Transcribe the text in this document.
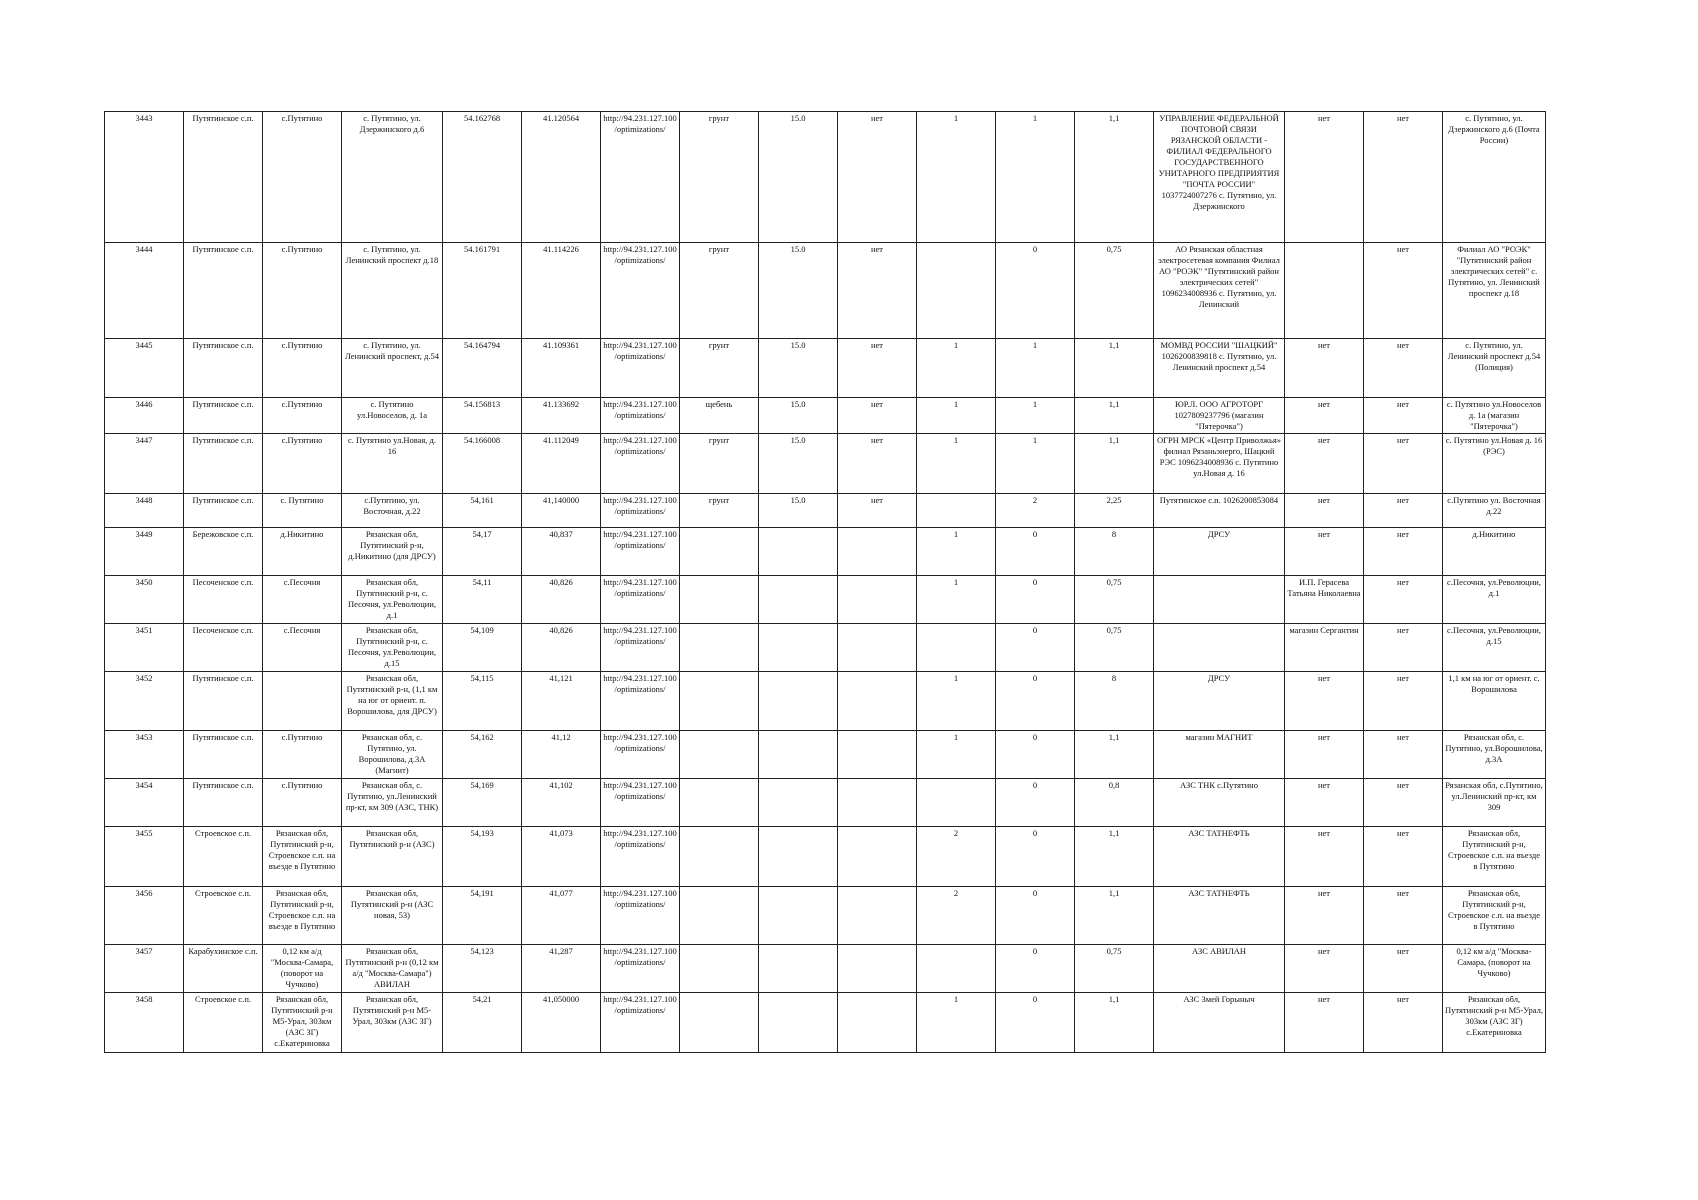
3443	Путятинское с.п.	с.Путятино	с. Путятино, ул. Дзержинского д.6	54.162768	41.120564	http://94.231.127.100/optimizations/	грунт	15.0	нет	1	1	1,1	УПРАВЛЕНИЕ ФЕДЕРАЛЬНОЙ ПОЧТОВОЙ СВЯЗИ РЯЗАНСКОЙ ОБЛАСТИ - ФИЛИАЛ ФЕДЕРАЛЬНОГО ГОСУДАРСТВЕННОГО УНИТАРНОГО ПРЕДПРИЯТИЯ "ПОЧТА РОССИИ" 1037724007276 с. Путятино, ул. Дзержинского	нет	нет	с. Путятино, ул. Дзержинского д.6 (Почта России)
3444	Путятинское с.п.	с.Путятино	с. Путятино, ул. Ленинский проспект д.18	54.161791	41.114226	http://94.231.127.100/optimizations/	грунт	15.0	нет		0	0,75	АО Рязанская областная электросетевая компания Филиал АО "РОЭК" "Путятинский район электрических сетей" 1096234008936 с. Путятино, ул. Ленинский		нет	Филиал АО "РОЭК" "Путятинский район электрических сетей" с. Путятино, ул. Ленинский проспект д.18
3445	Путятинское с.п.	с.Путятино	с. Путятино, ул. Ленинский проспект, д.54	54.164794	41.109361	http://94.231.127.100/optimizations/	грунт	15.0	нет	1	1	1,1	МОМВД РОССИИ "ШАЦКИЙ" 1026200839818 с. Путятино, ул. Ленинский проспект д.54	нет	нет	с. Путятино, ул. Ленинский проспект д.54 (Полиция)
3446	Путятинское с.п.	с.Путятино	с. Путятино ул.Новоселов, д. 1а	54.156813	41.133692	http://94.231.127.100/optimizations/	щебень	15.0	нет	1	1	1,1	ЮР.Л. ООО АГРОТОРГ 1027809237796 (магазин "Пятерочка")	нет	нет	с. Путятино ул.Новоселов д. 1а (магазин "Пятерочка")
3447	Путятинское с.п.	с.Путятино	с. Путятино ул.Новая, д. 16	54.166008	41.112049	http://94.231.127.100/optimizations/	грунт	15.0	нет	1	1	1,1	ОГРН МРСК «Центр Приволжья» филиал Рязаньэнерго, Шацкий РЭС 1096234008936 с. Путятино ул.Новая д. 16	нет	нет	с. Путятино ул.Новая д. 16 (РЭС)
3448	Путятинское с.п.	с. Путятино	с.Путятино, ул. Восточная, д.22	54,161	41,140000	http://94.231.127.100/optimizations/	грунт	15.0	нет		2	2,25	Путятинское с.п. 1026200853084	нет	нет	с.Путятино ул. Восточная д.22
3449	Бережовское с.п.	д.Никитино	Рязанская обл, Путятинский р-н, д.Никитино (для ДРСУ)	54,17	40,837	http://94.231.127.100/optimizations/				1	0	8	ДРСУ	нет	нет	д.Никитино
3450	Песоченское с.п.	с.Песочня	Рязанская обл, Путятинский р-н, с. Песочня, ул.Революции, д.1	54,11	40,826	http://94.231.127.100/optimizations/				1	0	0,75		И.П. Герасева Татьяна Николаевна	нет	с.Песочня, ул.Революции, д.1
3451	Песоченское с.п.	с.Песочня	Рязанская обл, Путятинский р-н, с. Песочня, ул.Революции, д.15	54,109	40,826	http://94.231.127.100/optimizations/					0	0,75		магазин Сергантин	нет	с.Песочня, ул.Революции, д.15
3452	Путятинское с.п.		Рязанская обл, Путятинский р-н, (1,1 км на юг от ориент. п. Ворошилова, для ДРСУ)	54,115	41,121	http://94.231.127.100/optimizations/				1	0	8	ДРСУ	нет	нет	1,1 км на юг от ориент. с. Ворошилова
3453	Путятинское с.п.	с.Путятино	Рязанская обл, с. Путятино, ул. Ворошилова, д.3А (Магнит)	54,162	41,12	http://94.231.127.100/optimizations/				1	0	1,1	магазин МАГНИТ	нет	нет	Рязанская обл, с. Путятино, ул.Ворошилова, д.3А
3454	Путятинское с.п.	с.Путятино	Рязанская обл, с. Путятино, ул.Ленинский пр-кт, км 309 (АЗС, ТНК)	54,169	41,102	http://94.231.127.100/optimizations/					0	0,8	АЗС ТНК с.Путятино	нет	нет	Рязанская обл, с.Путятино, ул.Ленинский пр-кт, км 309
3455	Строевское с.п.	Рязанская обл, Путятинский р-н, Строевское с.п. на въезде в Путятино	Рязанская обл, Путятинский р-н (АЗС)	54,193	41,073	http://94.231.127.100/optimizations/				2	0	1,1	АЗС ТАТНЕФТЬ	нет	нет	Рязанская обл, Путятинский р-н, Строевское с.п. на въезде в Путятино
3456	Строевское с.п.	Рязанская обл, Путятинский р-н, Строевское с.п. на въезде в Путятино	Рязанская обл, Путятинский р-н (АЗС новая, 53)	54,191	41,077	http://94.231.127.100/optimizations/				2	0	1,1	АЗС ТАТНЕФТЬ	нет	нет	Рязанская обл, Путятинский р-н, Строевское с.п. на въезде в Путятино
3457	Карабухинское с.п.	0,12 км а/д "Москва-Самара, (поворот на Чучково)	Рязанская обл, Путятинский р-н (0,12 км а/д "Москва-Самара") АВИЛАН	54,123	41,287	http://94.231.127.100/optimizations/					0	0,75	АЗС АВИЛАН	нет	нет	0,12 км а/д "Москва-Самара, (поворот на Чучково)
3458	Строевское с.п.	Рязанская обл, Путятинский р-н М5-Урал, 303км (АЗС ЗГ) с.Екатериновка	Рязанская обл, Путятинский р-н М5-Урал, 303км (АЗС ЗГ)	54,21	41,050000	http://94.231.127.100/optimizations/				1	0	1,1	АЗС Змей Горыныч	нет	нет	Рязанская обл, Путятинский р-н М5-Урал, 303км (АЗС ЗГ) с.Екатериновка
